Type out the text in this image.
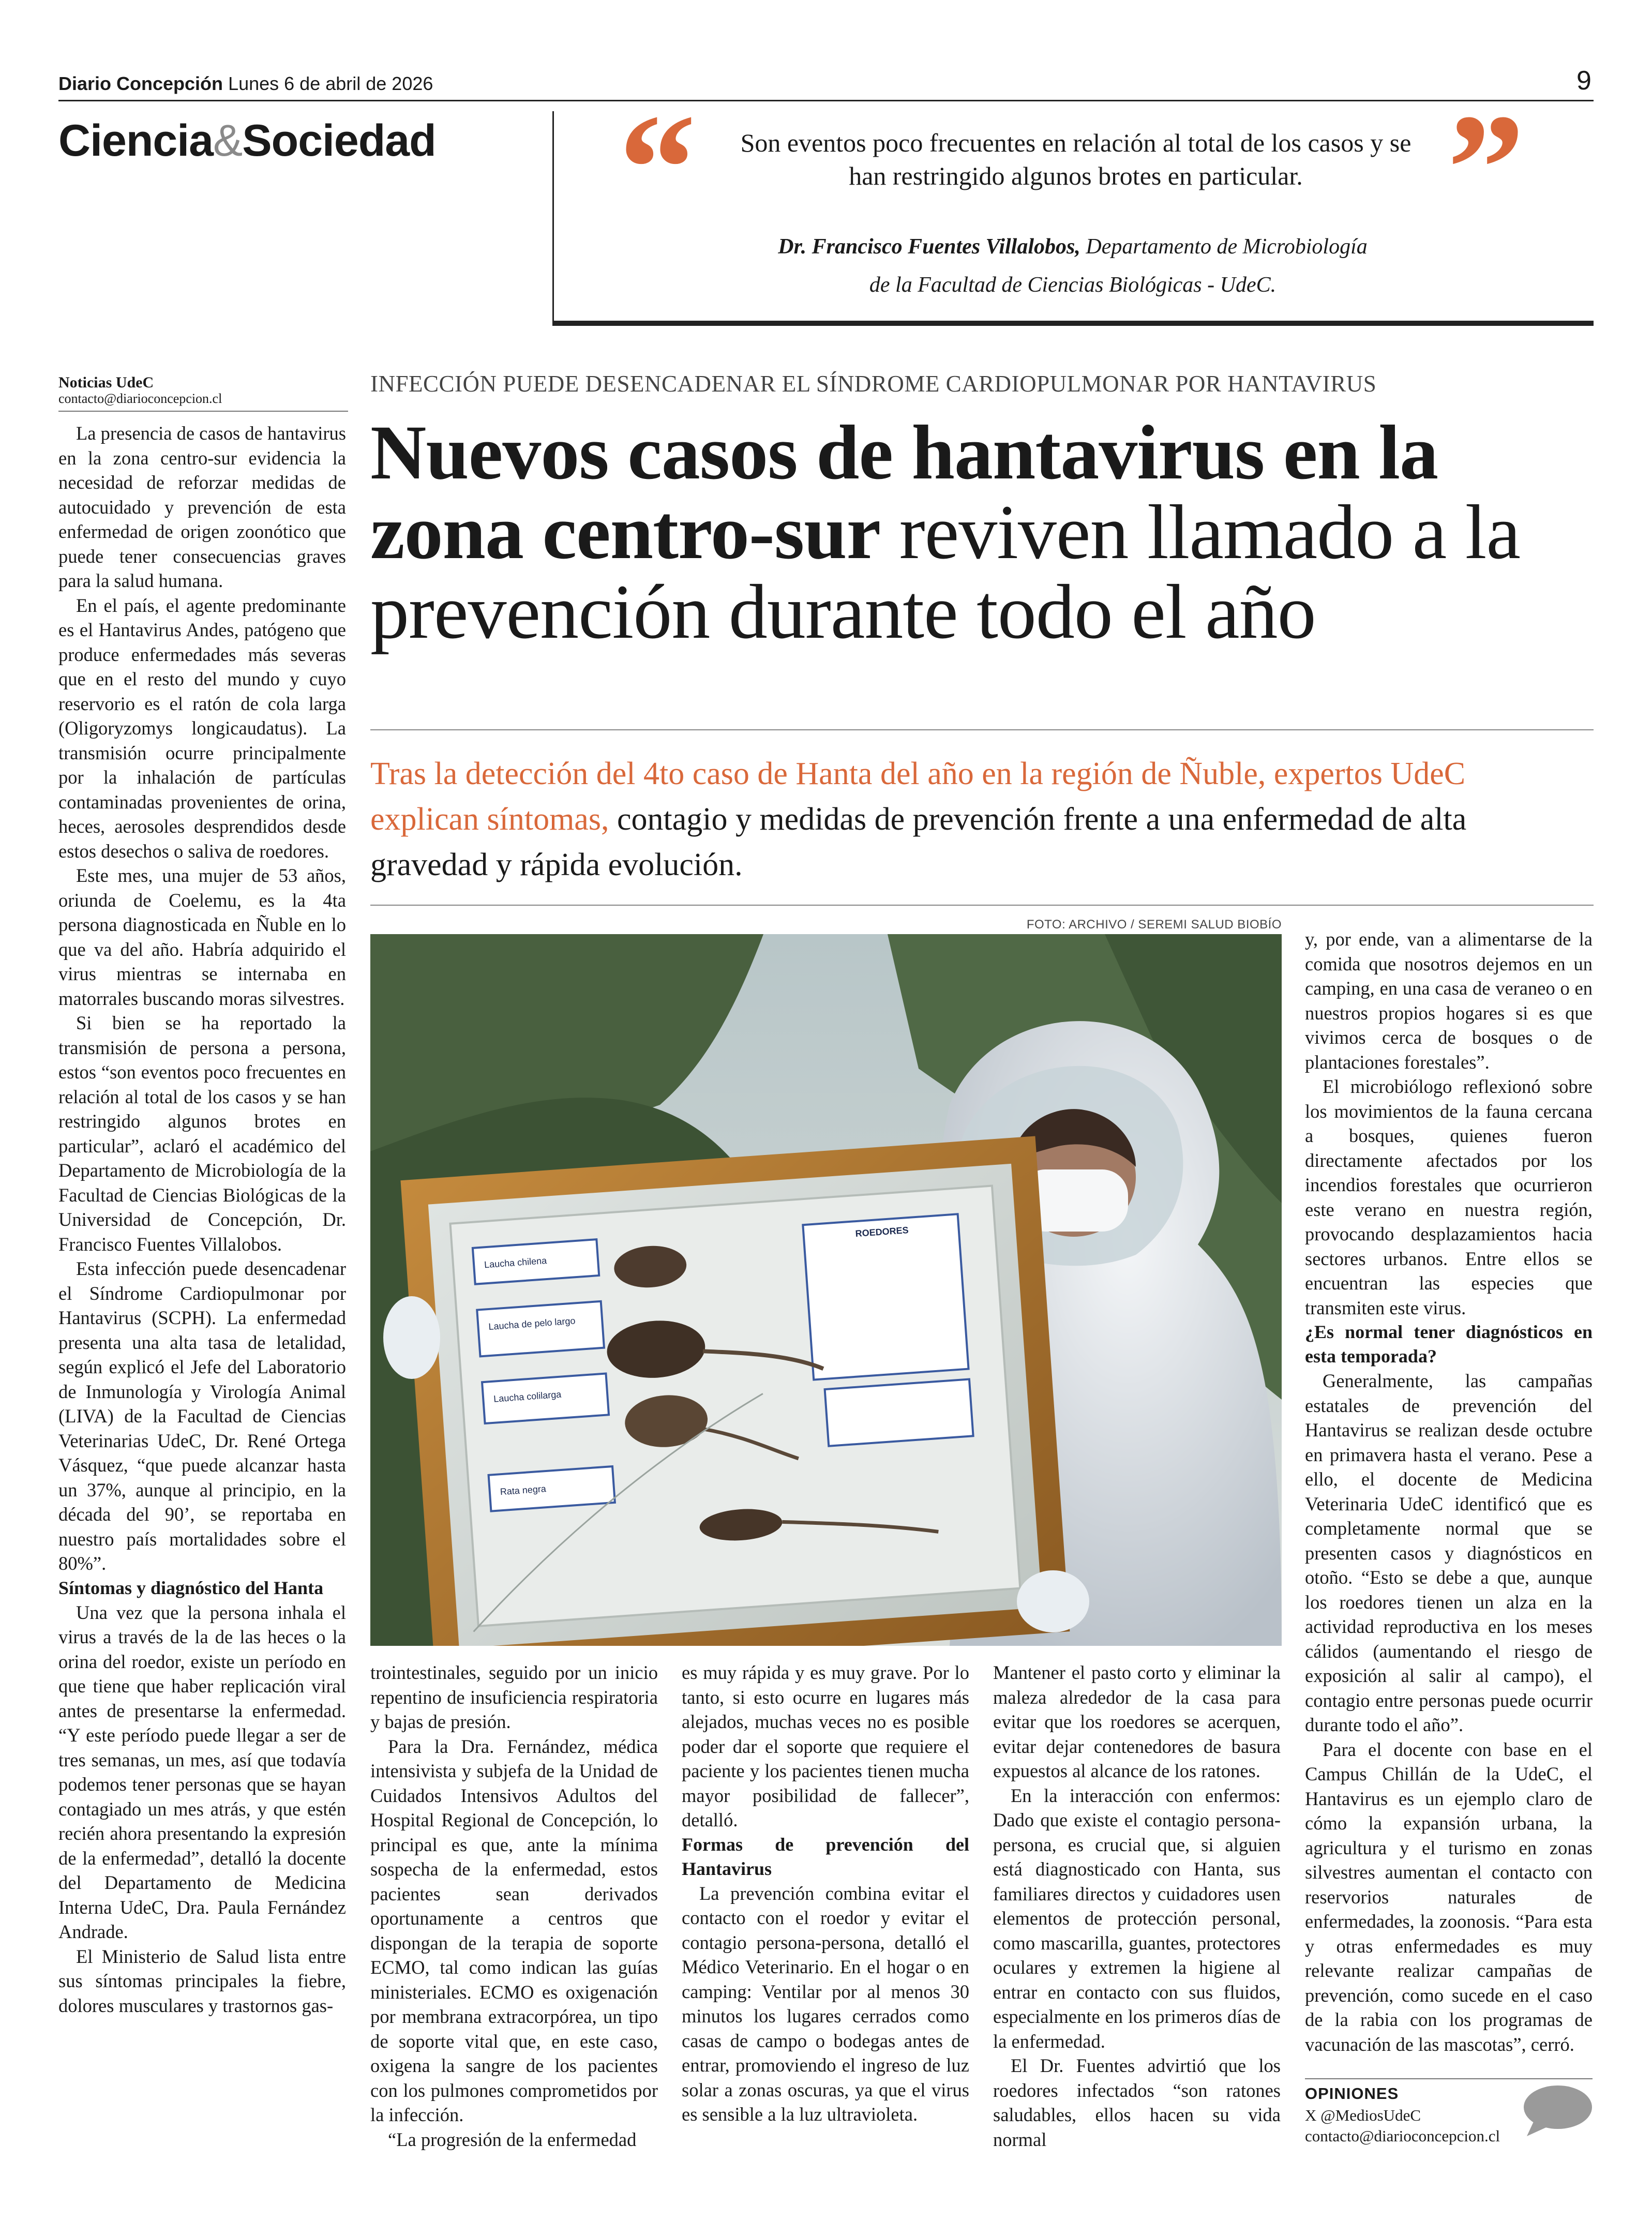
Diario Concepción Lunes 6 de abril de 2026	9
Ciencia&Sociedad “	Son eventos poco frecuentes en relación al total de los casos y se han restringido algunos brotes en particular. ”
Dr. Francisco Fuentes Villalobos, Departamento de Microbiología
de la Facultad de Ciencias Biológicas - UdeC.
Noticias UdeC
contacto@diarioconcepcion.cl
INFECCIÓN PUEDE DESENCADENAR EL SÍNDROME CARDIOPULMONAR POR HANTAVIRUS
Nuevos casos de hantavirus en la zona centro-sur reviven llamado a la prevención durante todo el año
Tras la detección del 4to caso de Hanta del año en la región de Ñuble, expertos UdeC explican síntomas, contagio y medidas de prevención frente a una enfermedad de alta gravedad y rápida evolución.
FOTO: ARCHIVO / SEREMI SALUD BIOBÍO
Laucha chilena
Laucha de pelo largo
Laucha colilarga
Rata negra
ROEDORES

La presencia de casos de hantavirus en la zona centro-sur evidencia la necesidad de reforzar medidas de autocuidado y prevención de esta enfermedad de origen zoonótico que puede tener consecuencias graves para la salud humana.

En el país, el agente predominante es el Hantavirus Andes, patógeno que produce enfermedades más severas que en el resto del mundo y cuyo reservorio es el ratón de cola larga (Oligoryzomys longicaudatus). La transmisión ocurre principalmente por la inhalación de partículas contaminadas provenientes de orina, heces, aerosoles desprendidos desde estos desechos o saliva de roedores.

Este mes, una mujer de 53 años, oriunda de Coelemu, es la 4ta persona diagnosticada en Ñuble en lo que va del año. Habría adquirido el virus mientras se internaba en matorrales buscando moras silvestres.

Si bien se ha reportado la transmisión de persona a persona, estos “son eventos poco frecuentes en relación al total de los casos y se han restringido algunos brotes en particular”, aclaró el académico del Departamento de Microbiología de la Facultad de Ciencias Biológicas de la Universidad de Concepción, Dr. Francisco Fuentes Villalobos.

Esta infección puede desencadenar el Síndrome Cardiopulmonar por Hantavirus (SCPH). La enfermedad presenta una alta tasa de letalidad, según explicó el Jefe del Laboratorio de Inmunología y Virología Animal (LIVA) de la Facultad de Ciencias Veterinarias UdeC, Dr. René Ortega Vásquez, “que puede alcanzar hasta un 37%, aunque al principio, en la década del 90’, se reportaba en nuestro país mortalidades sobre el 80%”.

Síntomas y diagnóstico del Hanta

Una vez que la persona inhala el virus a través de la de las heces o la orina del roedor, existe un período en que tiene que haber replicación viral antes de presentarse la enfermedad. “Y este período puede llegar a ser de tres semanas, un mes, así que todavía podemos tener personas que se hayan contagiado un mes atrás, y que estén recién ahora presentando la expresión de la enfermedad”, detalló la docente del Departamento de Medicina Interna UdeC, Dra. Paula Fernández Andrade.

El Ministerio de Salud lista entre sus síntomas principales la fiebre, dolores musculares y trastornos gas-

trointestinales, seguido por un inicio repentino de insuficiencia respiratoria y bajas de presión.

Para la Dra. Fernández, médica intensivista y subjefa de la Unidad de Cuidados Intensivos Adultos del Hospital Regional de Concepción, lo principal es que, ante la mínima sospecha de la enfermedad, estos pacientes sean derivados oportunamente a centros que dispongan de la terapia de soporte ECMO, tal como indican las guías ministeriales. ECMO es oxigenación por membrana extracorpórea, un tipo de soporte vital que, en este caso, oxigena la sangre de los pacientes con los pulmones comprometidos por la infección.

“La progresión de la enfermedad

es muy rápida y es muy grave. Por lo tanto, si esto ocurre en lugares más alejados, muchas veces no es posible poder dar el soporte que requiere el paciente y los pacientes tienen mucha mayor posibilidad de fallecer”, detalló.

Formas de prevención del Hantavirus

La prevención combina evitar el contacto con el roedor y evitar el contagio persona-persona, detalló el Médico Veterinario. En el hogar o en camping: Ventilar por al menos 30 minutos los lugares cerrados como casas de campo o bodegas antes de entrar, promoviendo el ingreso de luz solar a zonas oscuras, ya que el virus es sensible a la luz ultravioleta.

Mantener el pasto corto y eliminar la maleza alrededor de la casa para evitar que los roedores se acerquen, evitar dejar contenedores de basura expuestos al alcance de los ratones.

En la interacción con enfermos: Dado que existe el contagio persona-persona, es crucial que, si alguien está diagnosticado con Hanta, sus familiares directos y cuidadores usen elementos de protección personal, como mascarilla, guantes, protectores oculares y extremen la higiene al entrar en contacto con sus fluidos, especialmente en los primeros días de la enfermedad.

El Dr. Fuentes advirtió que los roedores infectados “son ratones saludables, ellos hacen su vida normal

y, por ende, van a alimentarse de la comida que nosotros dejemos en un camping, en una casa de veraneo o en nuestros propios hogares si es que vivimos cerca de bosques o de plantaciones forestales”.

El microbiólogo reflexionó sobre los movimientos de la fauna cercana a bosques, quienes fueron directamente afectados por los incendios forestales que ocurrieron este verano en nuestra región, provocando desplazamientos hacia sectores urbanos. Entre ellos se encuentran las especies que transmiten este virus.

¿Es normal tener diagnósticos en esta temporada?

Generalmente, las campañas estatales de prevención del Hantavirus se realizan desde octubre en primavera hasta el verano. Pese a ello, el docente de Medicina Veterinaria UdeC identificó que es completamente normal que se presenten casos y diagnósticos en otoño. “Esto se debe a que, aunque los roedores tienen un alza en la actividad reproductiva en los meses cálidos (aumentando el riesgo de exposición al salir al campo), el contagio entre personas puede ocurrir durante todo el año”.

Para el docente con base en el Campus Chillán de la UdeC, el Hantavirus es un ejemplo claro de cómo la expansión urbana, la agricultura y el turismo en zonas silvestres aumentan el contacto con reservorios naturales de enfermedades, la zoonosis. “Para esta y otras enfermedades es muy relevante realizar campañas de prevención, como sucede en el caso de la rabia con los programas de vacunación de las mascotas”, cerró.

OPINIONES
X @MediosUdeC
contacto@diarioconcepcion.cl
